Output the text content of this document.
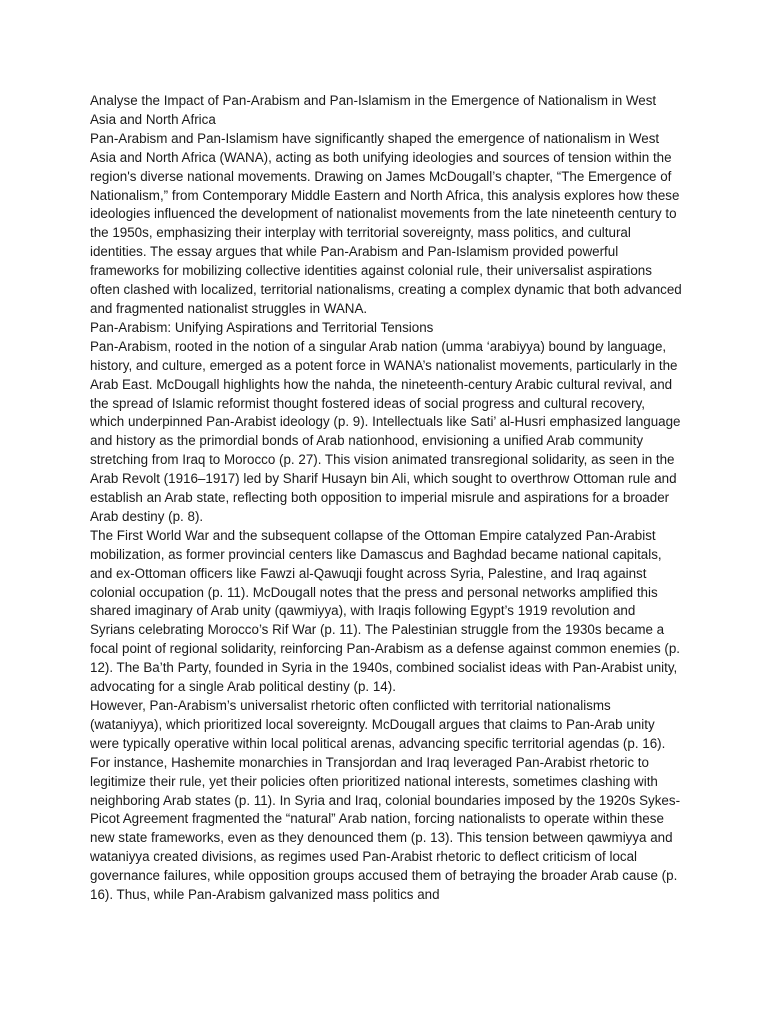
Analyse the Impact of Pan-Arabism and Pan-Islamism in the Emergence of Nationalism in West Asia and North Africa

Pan-Arabism and Pan-Islamism have significantly shaped the emergence of nationalism in West Asia and North Africa (WANA), acting as both unifying ideologies and sources of tension within the region's diverse national movements. Drawing on James McDougall’s chapter, “The Emergence of Nationalism,” from Contemporary Middle Eastern and North Africa, this analysis explores how these ideologies influenced the development of nationalist movements from the late nineteenth century to the 1950s, emphasizing their interplay with territorial sovereignty, mass politics, and cultural identities. The essay argues that while Pan-Arabism and Pan-Islamism provided powerful frameworks for mobilizing collective identities against colonial rule, their universalist aspirations often clashed with localized, territorial nationalisms, creating a complex dynamic that both advanced and fragmented nationalist struggles in WANA.

Pan-Arabism: Unifying Aspirations and Territorial Tensions

Pan-Arabism, rooted in the notion of a singular Arab nation (umma ‘arabiyya) bound by language, history, and culture, emerged as a potent force in WANA’s nationalist movements, particularly in the Arab East. McDougall highlights how the nahda, the nineteenth-century Arabic cultural revival, and the spread of Islamic reformist thought fostered ideas of social progress and cultural recovery, which underpinned Pan-Arabist ideology (p. 9). Intellectuals like Sati’ al-Husri emphasized language and history as the primordial bonds of Arab nationhood, envisioning a unified Arab community stretching from Iraq to Morocco (p. 27). This vision animated transregional solidarity, as seen in the Arab Revolt (1916–1917) led by Sharif Husayn bin Ali, which sought to overthrow Ottoman rule and establish an Arab state, reflecting both opposition to imperial misrule and aspirations for a broader Arab destiny (p. 8).

The First World War and the subsequent collapse of the Ottoman Empire catalyzed Pan-Arabist mobilization, as former provincial centers like Damascus and Baghdad became national capitals, and ex-Ottoman officers like Fawzi al-Qawuqji fought across Syria, Palestine, and Iraq against colonial occupation (p. 11). McDougall notes that the press and personal networks amplified this shared imaginary of Arab unity (qawmiyya), with Iraqis following Egypt’s 1919 revolution and Syrians celebrating Morocco’s Rif War (p. 11). The Palestinian struggle from the 1930s became a focal point of regional solidarity, reinforcing Pan-Arabism as a defense against common enemies (p. 12). The Ba’th Party, founded in Syria in the 1940s, combined socialist ideas with Pan-Arabist unity, advocating for a single Arab political destiny (p. 14).

However, Pan-Arabism’s universalist rhetoric often conflicted with territorial nationalisms (wataniyya), which prioritized local sovereignty. McDougall argues that claims to Pan-Arab unity were typically operative within local political arenas, advancing specific territorial agendas (p. 16). For instance, Hashemite monarchies in Transjordan and Iraq leveraged Pan-Arabist rhetoric to legitimize their rule, yet their policies often prioritized national interests, sometimes clashing with neighboring Arab states (p. 11). In Syria and Iraq, colonial boundaries imposed by the 1920s Sykes-Picot Agreement fragmented the “natural” Arab nation, forcing nationalists to operate within these new state frameworks, even as they denounced them (p. 13). This tension between qawmiyya and wataniyya created divisions, as regimes used Pan-Arabist rhetoric to deflect criticism of local governance failures, while opposition groups accused them of betraying the broader Arab cause (p. 16). Thus, while Pan-Arabism galvanized mass politics and
